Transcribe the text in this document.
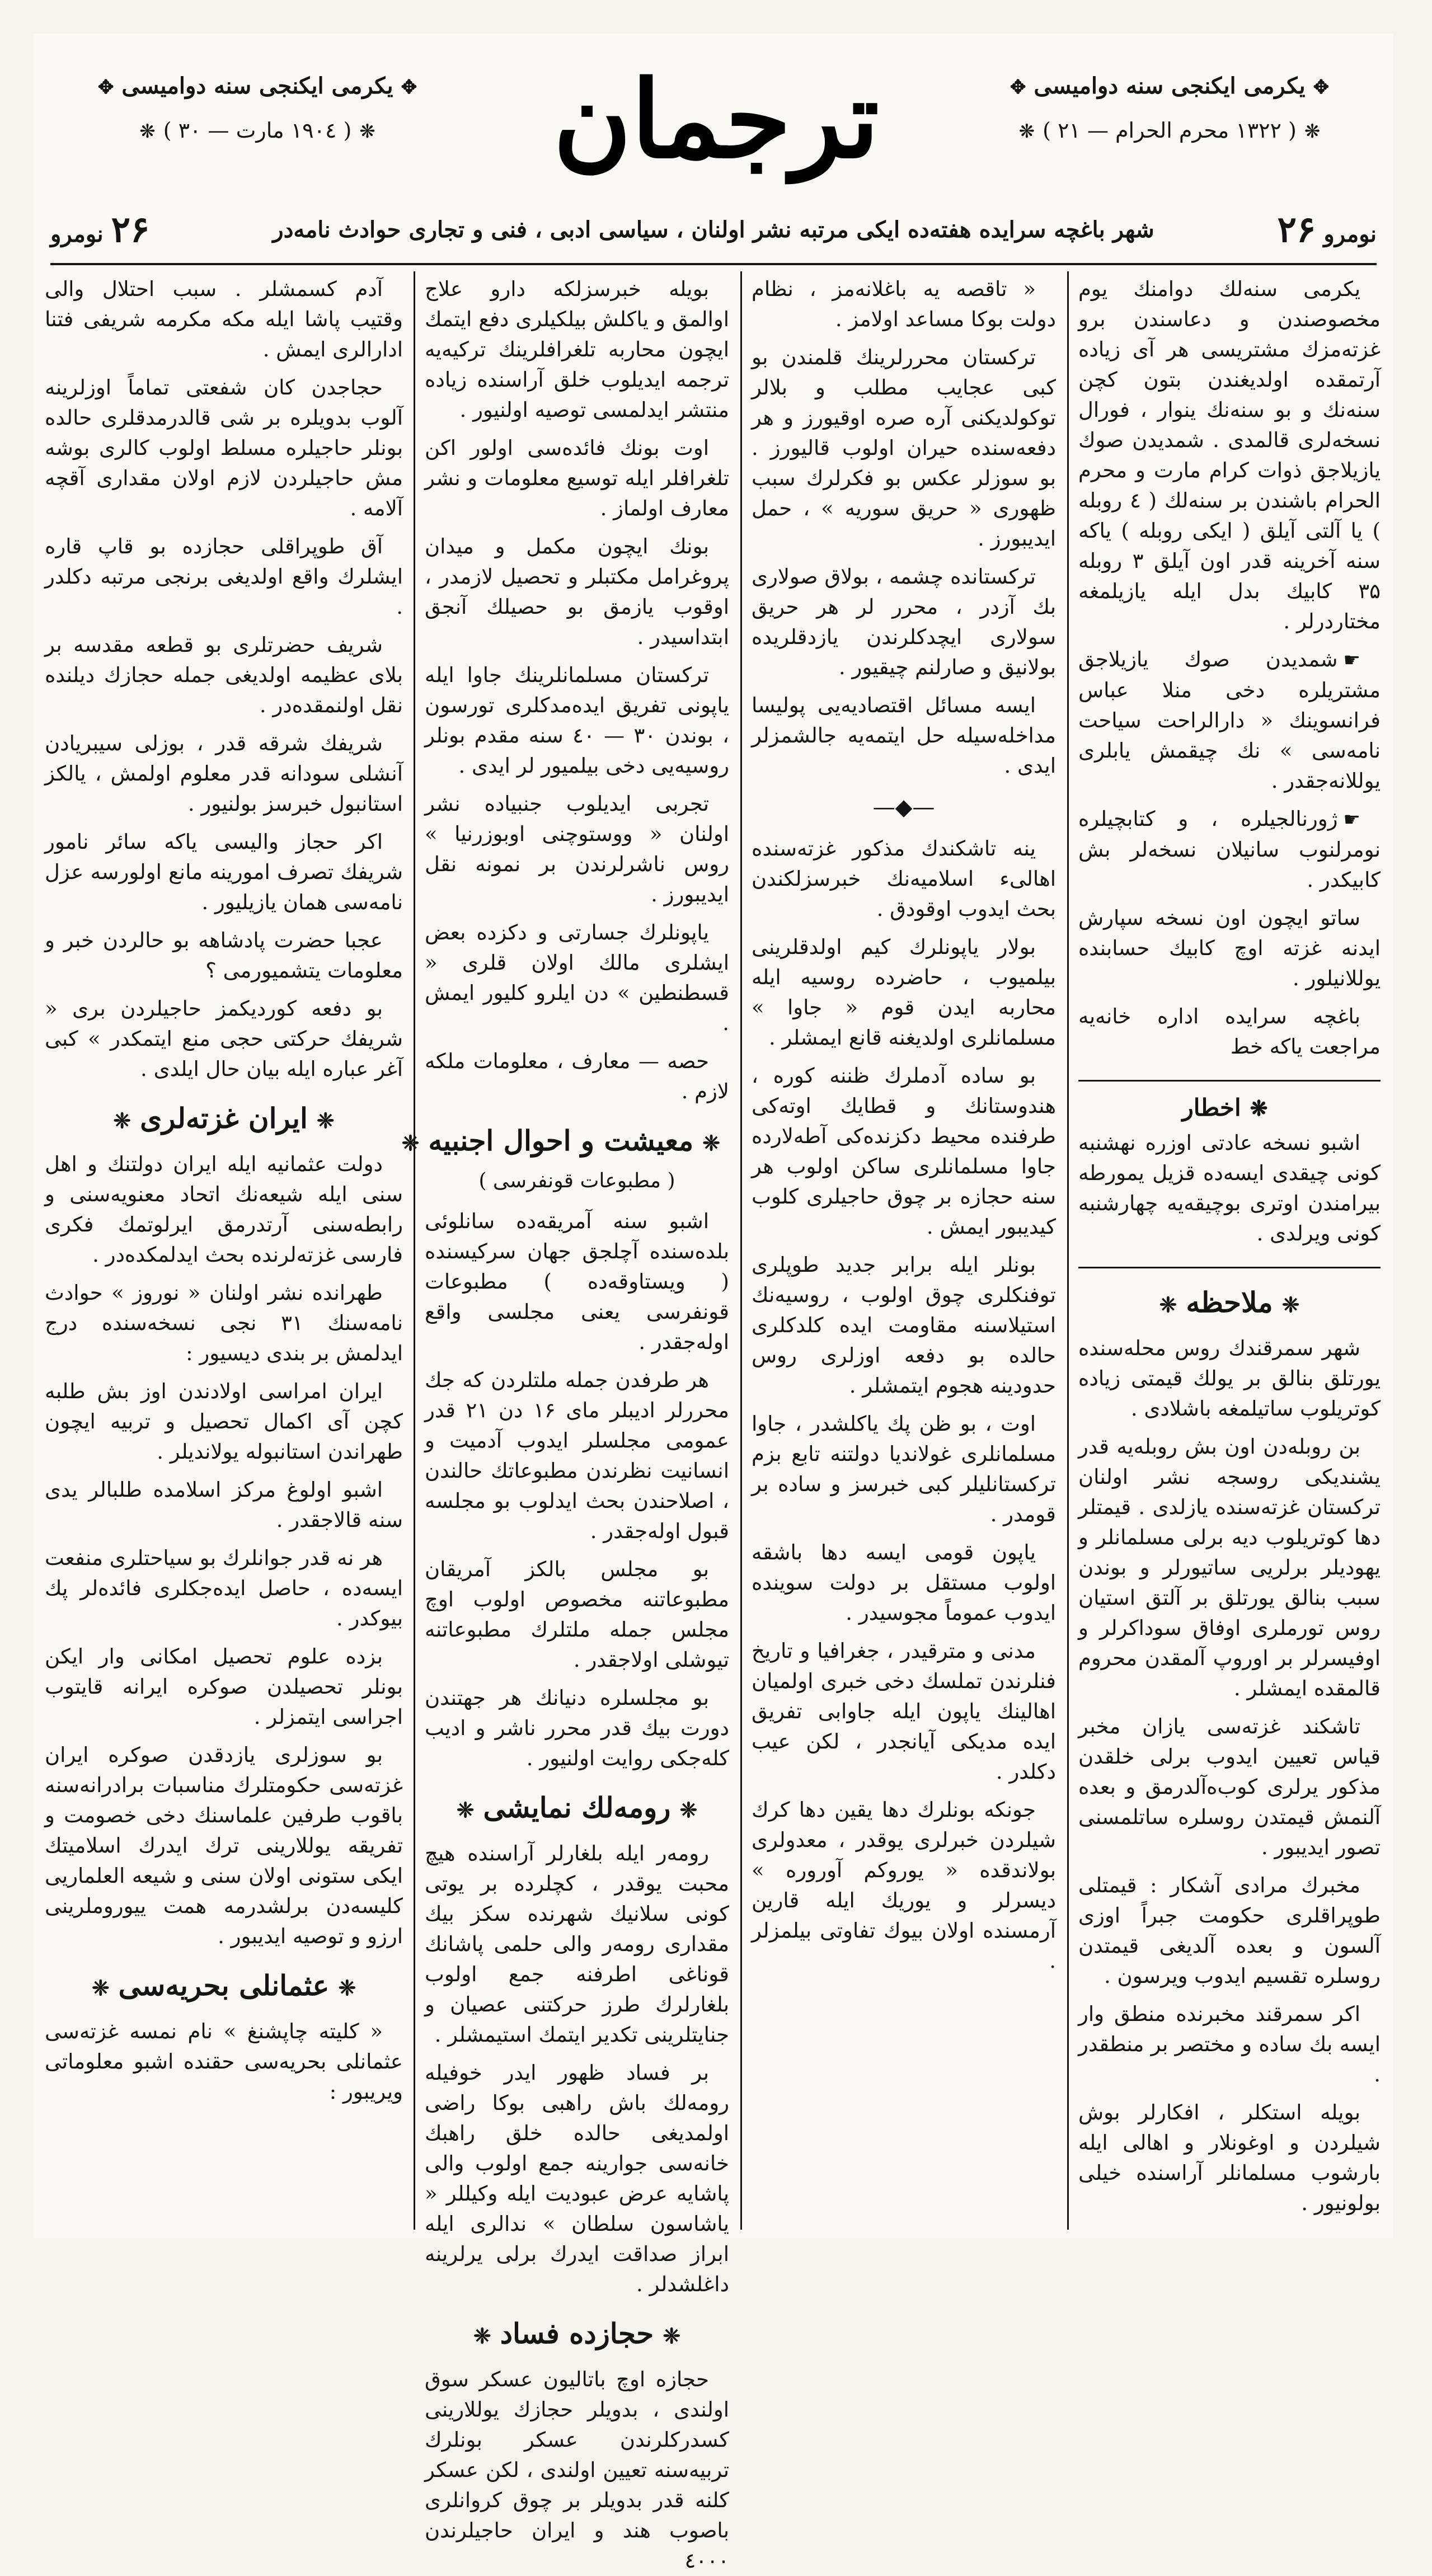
✥یكرمی ایكنجی سنه دوامیسی✥
❋( ۱۳۲۲ محرم الحرام — ۲۱ )❋
ترجمان
✥یكرمی ایكنجی سنه دوامیسی✥
❋( ۱۹۰٤ مارت — ۳۰ )❋
نومرو۲۶
شهر باغچه سرایده هفته‌ده ایكی مرتبه نشر اولنان ، سیاسی ادبی ، فنی و تجاری حوادث نامه‌در
۲۶نومرو

یكرمی سنه‌لك دوامنك یوم مخصوصندن و دعاسندن برو غزته‌مزك مشتریسی هر آی زیاده آرتمقده اولدیغندن بتون كچن سنه‌نك و بو سنه‌نك ینوار ، فورال نسخه‌لری قالمدی . شمدیدن صوك یازیلاجق ذوات كرام مارت و محرم الحرام باشندن بر سنه‌لك ( ٤ روبله ) یا آلتی آیلق ( ایكی روبله ) یاكه سنه آخرینه قدر اون آیلق ۳ روبله ۳۵ كابیك بدل ایله یازیلمغه مختاردرلر .

☛شمدیدن صوك یازیلاجق مشتریلره دخی منلا عباس فرانسوینك « دارالراحت سیاحت نامه‌سی » نك چیقمش یابلری یوللانه‌جقدر .

☛ژورنالجیلره ، و كتابچیلره نومرلنوب سانیلان نسخه‌لر بش كابیكدر .

ساتو ایچون اون نسخه سپارش ایدنه غزته اوچ كابیك حسابنده یوللانیلور .

باغچه سرایده اداره خانه‌یه مراجعت یاكه خط

❋اخطار

اشبو نسخه عادتی اوزره نهشنبه كونی چیقدی ایسه‌ده قزیل یمورطه بیرامندن اوتری بوچیقه‌یه چهارشنبه كونی ویرلدی .

❈ملاحظه❈

شهر سمرقندك روس محله‌سنده یورتلق بنالق بر یولك قیمتی زیاده كوتریلوب ساتیلمغه باشلادی .

بن روبله‌دن اون بش روبله‌یه قدر یشندیكی روسجه نشر اولنان تركستان غزته‌سنده یازلدی . قیمتلر دها كوتریلوب دیه برلی مسلمانلر و یهودیلر برلریی ساتیورلر و بوندن سبب بنالق یورتلق بر آلتق استیان روس تورملری اوفاق سوداكرلر و اوفیسرلر بر اوروپ آلمقدن محروم قالمقده ایمشلر .

تاشكند غزته‌سی یازان مخبر قیاس تعیین ایدوب برلی خلقدن مذكور یرلری كوب‌ه‌آلدرمق و بعده آلنمش قیمتدن روسلره ساتلمسنی تصور ایدیبور .

مخبرك مرادی آشكار : قیمتلی طوپراقلری حكومت جبراً اوزی آلسون و بعده آلدیغی قیمتدن روسلره تقسیم ایدوب ویرسون .

اكر سمرقند مخبرنده منطق وار ایسه بك ساده و مختصر بر منطقدر .

بویله استكلر ، افكارلر بوش شیلردن و اوغونلار و اهالی ایله بارشوب مسلمانلر آراسنده خیلی بولونیور .

« تاقصه یه باغلانه‌مز ، نظام دولت بوكا مساعد اولامز .

تركستان محررلرینك قلمندن بو كبی عجایب مطلب و بلالر توكولدیكنی آره صره اوقیورز و هر دفعه‌سنده حیران اولوب قالیورز . بو سوزلر عكس بو فكرلرك سبب ظهوری « حریق سوریه » ، حمل ایدیبورز .

تركستانده چشمه ، بولاق صولاری بك آزدر ، محرر لر هر حریق سولاری ایچدكلرندن یازدقلریده بولانیق و صارلنم چیقیور .

ایسه مسائل اقتصادیه‌یی پولیسا مداخله‌سیله حل ایتمه‌یه جالشمزلر ایدی .

—◆—

ینه تاشكندك مذكور غزته‌سنده اهالیء اسلامیه‌نك خبرسزلكندن بحث ایدوب اوقودق .

بولار یاپونلرك كیم اولدقلرینی بیلمیوب ، حاضرده روسیه ایله محاربه ایدن قوم « جاوا » مسلمانلری اولدیغنه قانع ایمشلر .

بو ساده آدملرك ظننه كوره ، هندوستانك و قطایك اوته‌كی طرفنده محیط دكزنده‌كی آطه‌لارده جاوا مسلمانلری ساكن اولوب هر سنه حجازه بر چوق حاجیلری كلوب كیدیبور ایمش .

بونلر ایله برابر جدید طوپلری توفنكلری چوق اولوب ، روسیه‌نك استیلاسنه مقاومت ایده كلدكلری حالده بو دفعه اوزلری روس حدودینه هجوم ایتمشلر .

اوت ، بو ظن پك یاكلشدر ، جاوا مسلمانلری غولاندیا دولتنه تابع بزم تركستانلیلر كبی خبرسز و ساده بر قومدر .

یاپون قومی ایسه دها باشقه اولوب مستقل بر دولت سوینده ایدوب عموماً مجوسیدر .

مدنی و مترقیدر ، جغرافیا و تاریخ فنلرندن تملسك دخی خبری اولمیان اهالینك یاپون ایله جاوابی تفریق ایده مدیكی آیانجدر ، لكن عیب دكلدر .

جونكه بونلرك دها یقین دها كرك شیلردن خبرلری یوقدر ، معدولری بولاندقده « یوروكم آوروره » دیسرلر و یوریك ایله قارین آرمسنده اولان بیوك تفاوتی بیلمزلر .

بویله خبرسزلكه دارو علاج اوالمق و یاكلش بیلكیلری دفع ایتمك ایچون محاربه تلغرافلرینك تركیه‌یه ترجمه ایدیلوب خلق آراسنده زیاده منتشر ایدلمسی توصیه اولنیور .

اوت بونك فائده‌سی اولور اكن تلغرافلر ایله توسیع معلومات و نشر معارف اولماز .

بونك ایچون مكمل و میدان پروغرامل مكتبلر و تحصیل لازمدر ، اوقوب یازمق بو حصیلك آنجق ابتداسیدر .

تركستان مسلمانلرینك جاوا ایله یاپونی تفریق ایده‌مدكلری تورسون ، بوندن ۳۰ — ٤۰ سنه مقدم بونلر روسیه‌یی دخی بیلمیور لر ایدی .

تجربی ایدیلوب جنبیاده نشر اولنان « ووستوچنی اوبوزرنیا » روس ناشرلرندن بر نمونه نقل ایدیبورز .

یاپونلرك جسارتی و دكزده بعض ایشلری مالك اولان قلری « قسطنطین » دن ایلرو كلیور ایمش .

حصه — معارف ، معلومات ملكه لازم .

❈معیشت و احوال اجنبیه❈
( مطبوعات قونفرسی )

اشبو سنه آمریقه‌ده سانلوئی بلده‌سنده آچلجق جهان سركیسنده ( ویستاوقه‌ده ) مطبوعات قونفرسی یعنی مجلسی واقع اوله‌جقدر .

هر طرفدن جمله ملتلردن كه جك محررلر ادیبلر مای ۱۶ دن ۲۱ قدر عمومی مجلسلر ایدوب آدمیت و انسانیت نظرندن مطبوعاتك حالندن ، اصلاحندن بحث ایدلوب بو مجلسه قبول اوله‌جقدر .

بو مجلس بالكز آمریقان مطبوعاتنه مخصوص اولوب اوچ مجلس جمله ملتلرك مطبوعاتنه تیوشلی اولاجقدر .

بو مجلسلره دنیانك هر جهتندن دورت بیك قدر محرر ناشر و ادیب كله‌جكی روایت اولنیور .

❈رومه‌لك نمایشی❈

رومه‌ر ایله بلغارلر آراسنده هیچ محبت یوقدر ، كچلرده بر یوتی كونی سلانیك شهرنده سكز بیك مقداری رومه‌ر والی حلمی پاشانك قوناغی اطرفنه جمع اولوب بلغارلرك طرز حركتنی عصیان و جنایتلرینی تكدیر ایتمك استیمشلر .

بر فساد ظهور ایدر خوفیله رومه‌لك باش راهبی بوكا راضی اولمدیغی حالده خلق راهبك خانه‌سی جوارینه جمع اولوب والی پاشایه عرض عبودیت ایله وكیللر « یاشاسون سلطان » ندالری ایله ابراز صداقت ایدرك برلی یرلرینه داغلشدلر .

❈حجازده فساد❈

حجازه اوچ باتالیون عسكر سوق اولندی ، بدویلر حجازك یوللارینی كسدركلرندن عسكر بونلرك تربیه‌سنه تعیین اولندی ، لكن عسكر كلنه قدر بدویلر بر چوق كروانلری باصوب هند و ایران حاجیلرندن ٤۰۰۰

آدم كسمشلر . سبب احتلال والی وقتیب پاشا ایله مكه مكرمه شریفی فتنا ادارالری ایمش .

حجاجدن كان شفعتی تماماً اوزلرینه آلوب بدویلره بر شی قالدرمدقلری حالده بونلر حاجیلره مسلط اولوب كالری بوشه مش حاجیلردن لازم اولان مقداری آقچه آلامه .

آق طوپراقلی حجازده بو قاپ قاره ایشلرك واقع اولدیغی برنجی مرتبه دكلدر .

شریف حضرتلری بو قطعه مقدسه بر بلای عظیمه اولدیغی جمله حجازك دیلنده نقل اولنمقده‌در .

شریفك شرقه قدر ، بوزلی سیبریادن آنشلی سودانه قدر معلوم اولمش ، یالكز استانبول خبرسز بولنیور .

اكر حجاز والیسی یاكه سائر نامور شریفك تصرف امورینه مانع اولورسه عزل نامه‌سی همان یازیلیور .

عجبا حضرت پادشاهه بو حالردن خبر و معلومات یتشمیورمی ؟

بو دفعه كوردیكمز حاجیلردن بری « شریفك حركتی حجی منع ایتمكدر » كبی آغر عباره ایله بیان حال ایلدی .

❈ایران غزته‌لری❈

دولت عثمانیه ایله ایران دولتنك و اهل سنی ایله شیعه‌نك اتحاد معنویه‌سنی و رابطه‌سنی آرتدرمق ایرلوتمك فكری فارسی غزته‌لرنده بحث ایدلمكده‌در .

طهرانده نشر اولنان « نوروز » حوادث نامه‌سنك ۳۱ نجی نسخه‌سنده درج ایدلمش بر بندی دیسیور :

ایران امراسی اولادندن اوز بش طلبه كچن آی اكمال تحصیل و تربیه ایچون طهراندن استانبوله یولاندیلر .

اشبو اولوغ مركز اسلامده طلبالر یدی سنه قالاجقدر .

هر نه قدر جوانلرك بو سیاحتلری منفعت ایسه‌ده ، حاصل ایده‌جكلری فائده‌لر پك بیوكدر .

بزده علوم تحصیل امكانی وار ایكن بونلر تحصیلدن صوكره ایرانه قایتوب اجراسی ایتمزلر .

بو سوزلری یازدقدن صوكره ایران غزته‌سی حكومتلرك مناسبات برادرانه‌سنه باقوب طرفین علماسنك دخی خصومت و تفریقه یوللارینی ترك ایدرك اسلامیتك ایكی ستونی اولان سنی و شیعه العلماریی كلیسه‌دن برلشدرمه همت ییوروملرینی ارزو و توصیه ایدیبور .

❈عثمانلی بحریه‌سی❈

« كلیته چاپشنغ » نام نمسه غزته‌سی عثمانلی بحریه‌سی حقنده اشبو معلوماتی ویریبور :
